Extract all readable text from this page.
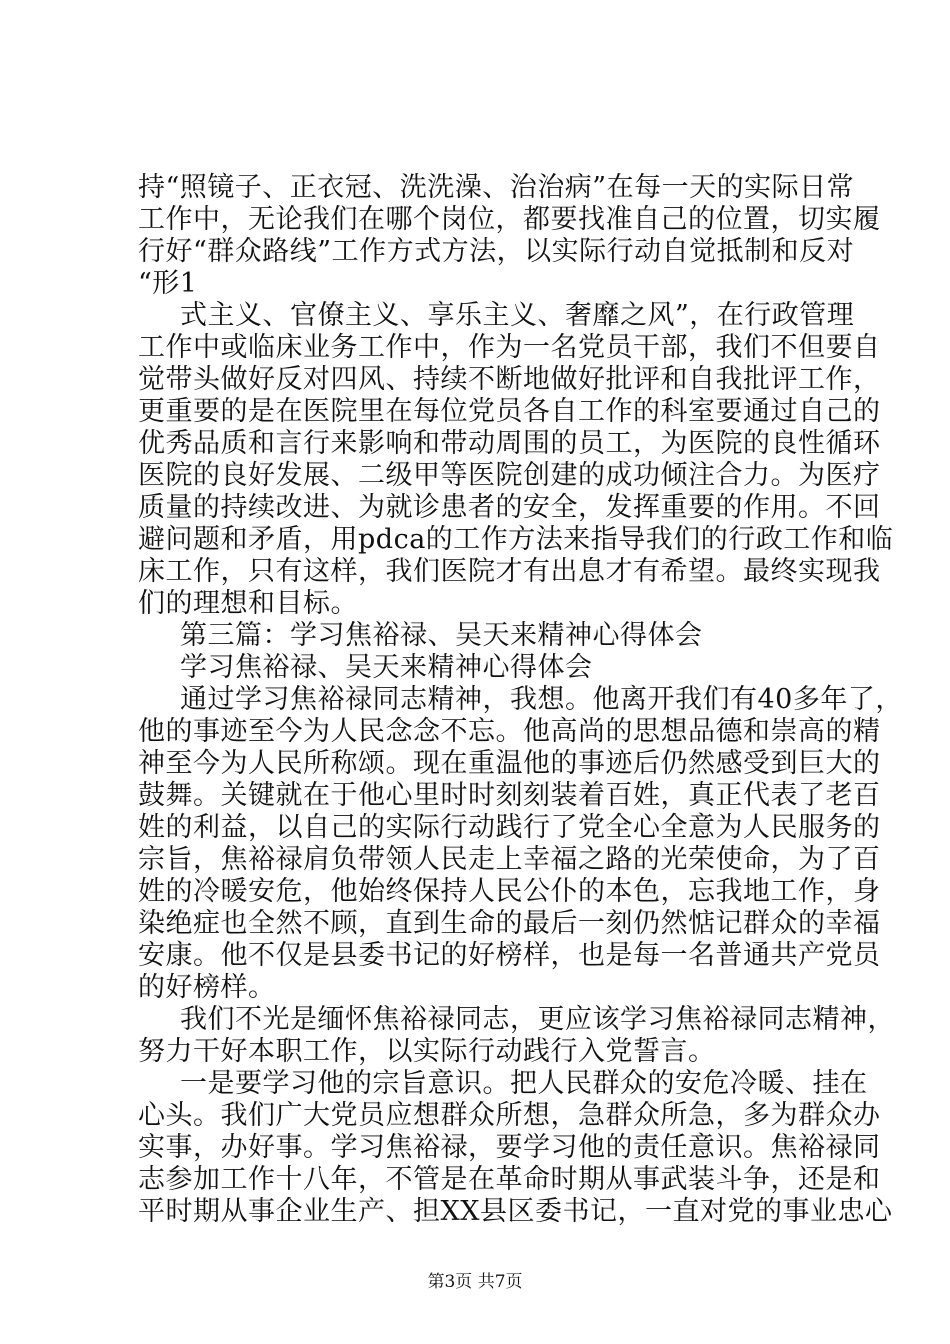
持“照镜子、正衣冠、洗洗澡、治治病”在每一天的实际日常
工作中，无论我们在哪个岗位，都要找准自己的位置，切实履
行好“群众路线”工作方式方法，以实际行动自觉抵制和反对
“形1
式主义、官僚主义、享乐主义、奢靡之风”，在行政管理
工作中或临床业务工作中，作为一名党员干部，我们不但要自
觉带头做好反对四风、持续不断地做好批评和自我批评工作，
更重要的是在医院里在每位党员各自工作的科室要通过自己的
优秀品质和言行来影响和带动周围的员工，为医院的良性循环
医院的良好发展、二级甲等医院创建的成功倾注合力。为医疗
质量的持续改进、为就诊患者的安全，发挥重要的作用。不回
避问题和矛盾，用pdca的工作方法来指导我们的行政工作和临
床工作，只有这样，我们医院才有出息才有希望。最终实现我
们的理想和目标。
第三篇：学习焦裕禄、吴天来精神心得体会
学习焦裕禄、吴天来精神心得体会
通过学习焦裕禄同志精神，我想。他离开我们有40多年了，
他的事迹至今为人民念念不忘。他高尚的思想品德和崇高的精
神至今为人民所称颂。现在重温他的事迹后仍然感受到巨大的
鼓舞。关键就在于他心里时时刻刻装着百姓，真正代表了老百
姓的利益，以自己的实际行动践行了党全心全意为人民服务的
宗旨，焦裕禄肩负带领人民走上幸福之路的光荣使命，为了百
姓的冷暖安危，他始终保持人民公仆的本色，忘我地工作，身
染绝症也全然不顾，直到生命的最后一刻仍然惦记群众的幸福
安康。他不仅是县委书记的好榜样，也是每一名普通共产党员
的好榜样。
我们不光是缅怀焦裕禄同志，更应该学习焦裕禄同志精神，
努力干好本职工作，以实际行动践行入党誓言。
一是要学习他的宗旨意识。把人民群众的安危冷暖、挂在
心头。我们广大党员应想群众所想，急群众所急，多为群众办
实事，办好事。学习焦裕禄，要学习他的责任意识。焦裕禄同
志参加工作十八年，不管是在革命时期从事武装斗争，还是和
平时期从事企业生产、担XX县区委书记，一直对党的事业忠心
第3页 共7页
